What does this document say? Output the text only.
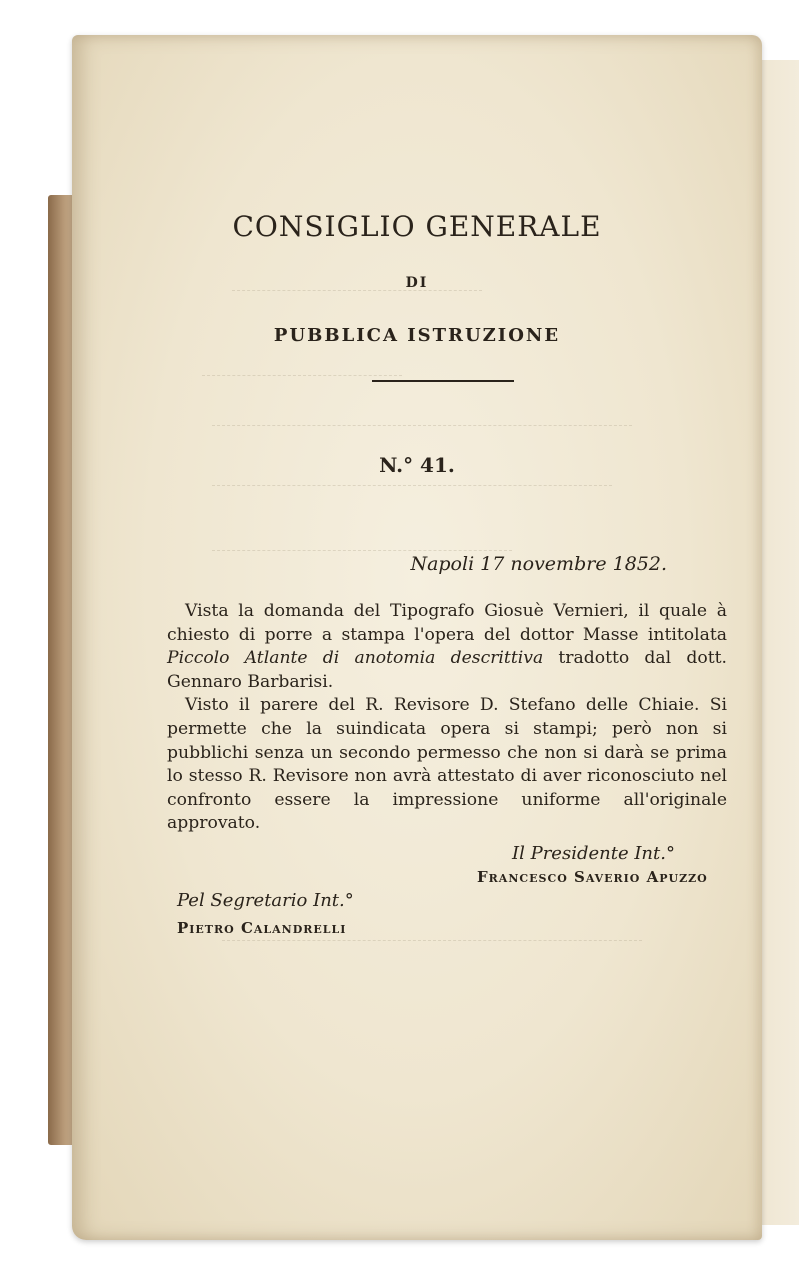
CONSIGLIO GENERALE
DI
PUBBLICA ISTRUZIONE
N.° 41.
Napoli 17 novembre 1852.

Vista la domanda del Tipografo Giosuè Vernieri, il quale à chiesto di porre a stampa l'opera del dottor Masse intitolata Piccolo Atlante di anotomia descrittiva tradotto dal dott. Gennaro Barbarisi.

Visto il parere del R. Revisore D. Stefano delle Chiaie. Si permette che la suindicata opera si stampi; però non si pubblichi senza un secondo permesso che non si darà se prima lo stesso R. Revisore non avrà attestato di aver riconosciuto nel confronto essere la impressione uniforme all'originale approvato.

Il Presidente Int.°
Francesco Saverio Apuzzo
Pel Segretario Int.°
Pietro Calandrelli
